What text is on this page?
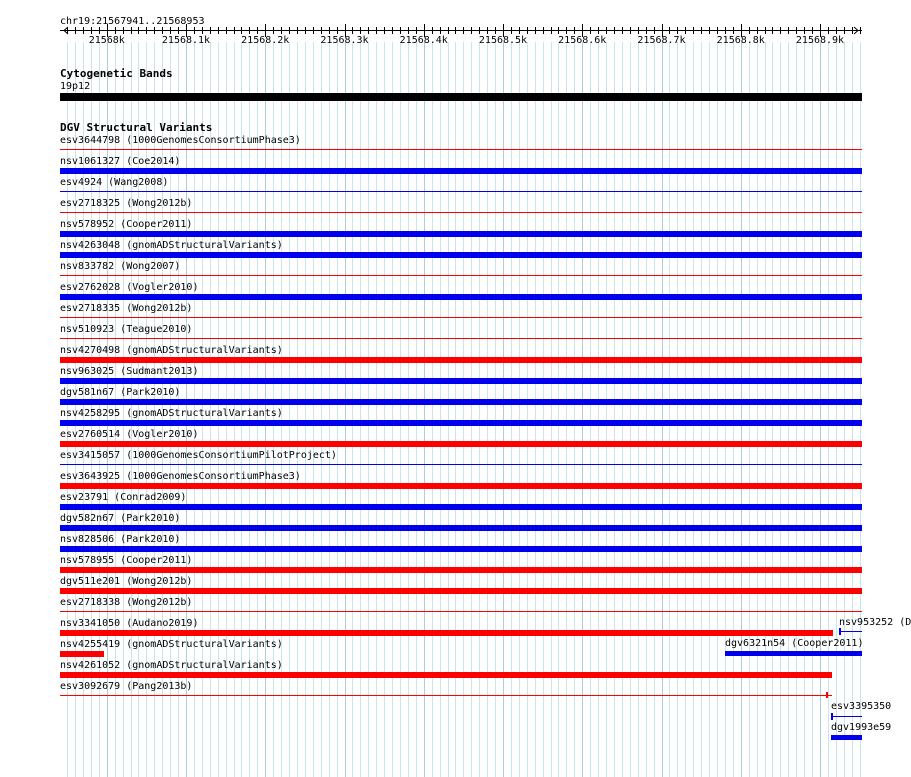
chr19:21567941..21568953
21568k	21568.1k	21568.2k	21568.3k	21568.4k	21568.5k	21568.6k	21568.7k	21568.8k	21568.9k
Cytogenetic Bands
19p12
DGV Structural Variants
esv3644798 (1000GenomesConsortiumPhase3)
nsv1061327 (Coe2014)
esv4924 (Wang2008)
esv2718325 (Wong2012b)
nsv578952 (Cooper2011)
nsv4263048 (gnomADStructuralVariants)
nsv833782 (Wong2007)
esv2762028 (Vogler2010)
esv2718335 (Wong2012b)
nsv510923 (Teague2010)
nsv4270498 (gnomADStructuralVariants)
nsv963025 (Sudmant2013)
dgv581n67 (Park2010)
nsv4258295 (gnomADStructuralVariants)
esv2760514 (Vogler2010)
esv3415057 (1000GenomesConsortiumPilotProject)
esv3643925 (1000GenomesConsortiumPhase3)
esv23791 (Conrad2009)
dgv582n67 (Park2010)
nsv828506 (Park2010)
nsv578955 (Cooper2011)
dgv511e201 (Wong2012b)
esv2718338 (Wong2012b)
nsv3341050 (Audano2019)
nsv4255419 (gnomADStructuralVariants)
nsv4261052 (gnomADStructuralVariants)
esv3092679 (Pang2013b)
nsv953252 (D
dgv6321n54 (Cooper2011)
esv3395350
dgv1993e59
